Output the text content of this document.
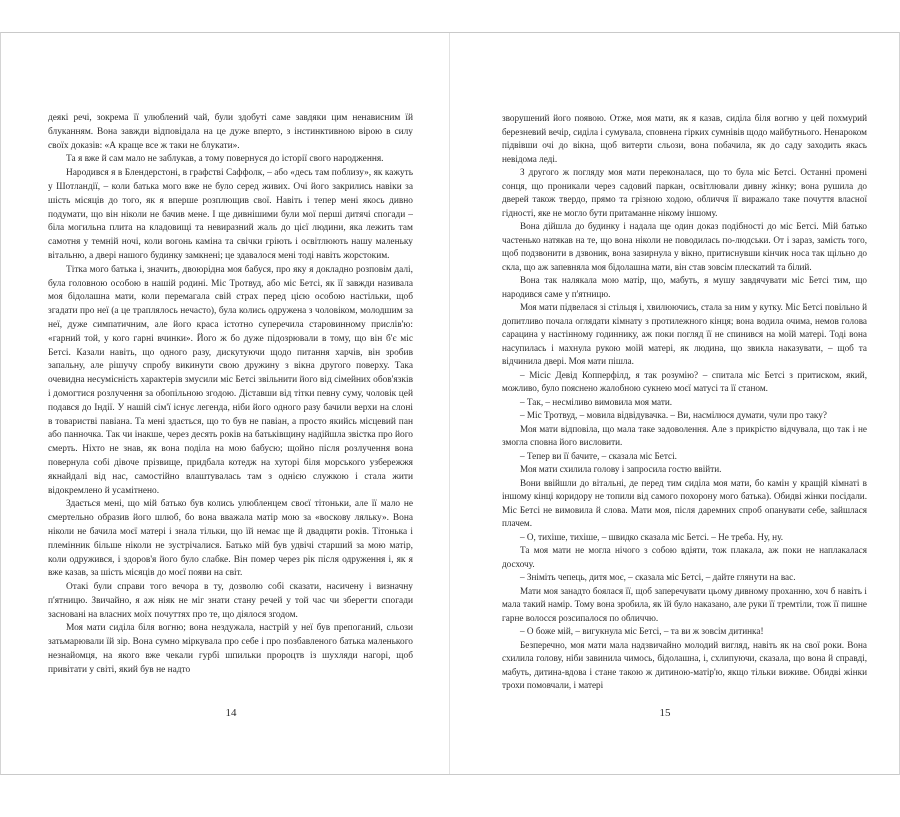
деякі речі, зокрема її улюблений чай, були здобуті саме завдяки цим ненависним їй блуканням. Вона завжди відповідала на це дуже вперто, з інстинктивною вірою в силу своїх доказів: «А краще все ж таки не блукати».

Та я вже й сам мало не заблукав, а тому повернуся до історії свого народження.

Народився я в Блендерстоні, в графстві Саффолк, – або «десь там поблизу», як кажуть у Шотландії, – коли батька мого вже не було серед живих. Очі його закрились навіки за шість місяців до того, як я вперше розплющив свої. Навіть і тепер мені якось дивно подумати, що він ніколи не бачив мене. І ще дивнішими були мої перші дитячі спогади – біла могильна плита на кладовищі та невиразний жаль до цієї людини, яка лежить там самотня у темній ночі, коли вогонь каміна та свічки гріють і освітлюють нашу маленьку вітальню, а двері нашого будинку замкнені; це здавалося мені тоді навіть жорстоким.

Тітка мого батька і, значить, двоюрідна моя бабуся, про яку я докладно розповім далі, була головною особою в нашій родині. Міс Тротвуд, або міс Бетсі, як її завжди називала моя бідолашна мати, коли перемагала свій страх перед цією особою настільки, щоб згадати про неї (а це траплялось нечасто), була колись одружена з чоловіком, молодшим за неї, дуже симпатичним, але його краса істотно суперечила старовинному прислів'ю: «гарний той, у кого гарні вчинки». Його ж бо дуже підозрювали в тому, що він б'є міс Бетсі. Казали навіть, що одного разу, дискутуючи щодо питання харчів, він зробив запальну, але рішучу спробу викинути свою дружину з вікна другого поверху. Така очевидна несумісність характерів змусили міс Бетсі звільнити його від сімейних обов'язків і домогтися розлучення за обопільною згодою. Діставши від тітки певну суму, чоловік цей подався до Індії. У нашій сім'ї існує легенда, ніби його одного разу бачили верхи на слоні в товаристві павіана. Та мені здається, що то був не павіан, а просто якийсь місцевий пан або панночка. Так чи інакше, через десять років на батьківщину надійшла звістка про його смерть. Ніхто не знав, як вона поділа на мою бабусю; щойно після розлучення вона повернула собі дівоче прізвище, придбала котедж на хуторі біля морського узбережжя якнайдалі від нас, самостійно влаштувалась там з однією служкою і стала жити відокремлено й усамітнено.

Здається мені, що мій батько був колись улюбленцем своєї тітоньки, але її мало не смертельно образив його шлюб, бо вона вважала матір мою за «воскову ляльку». Вона ніколи не бачила моєї матері і знала тільки, що їй немає ще й двадцяти років. Тітонька і племінник більше ніколи не зустрічалися. Батько мій був удвічі старший за мою матір, коли одружився, і здоров'я його було слабке. Він помер через рік після одруження і, як я вже казав, за шість місяців до моєї появи на світ.

Отакі були справи того вечора в ту, дозволю собі сказати, насичену і визначну п'ятницю. Звичайно, я аж ніяк не міг знати стану речей у той час чи зберегти спогади засновані на власних моїх почуттях про те, що діялося згодом.

Моя мати сиділа біля вогню; вона нездужала, настрій у неї був препоганий, сльози затьмарювали їй зір. Вона сумно міркувала про себе і про позбавленого батька маленького незнайомця, на якого вже чекали гурбі шпильки пророцтв із шухляди нагорі, щоб привітати у світі, який був не надто

зворушений його появою. Отже, моя мати, як я казав, сиділа біля вогню у цей похмурий березневий вечір, сиділа і сумувала, сповнена гірких сумнівів щодо майбутнього. Ненароком підвівши очі до вікна, щоб витерти сльози, вона побачила, як до саду заходить якась невідома леді.

З другого ж погляду моя мати переконалася, що то була міс Бетсі. Останні промені сонця, що проникали через садовий паркан, освітлювали дивну жінку; вона рушила до дверей також твердо, прямо та грізною ходою, обличчя її виражало таке почуття власної гідності, яке не могло бути притаманне нікому іншому.

Вона дійшла до будинку і надала ще один доказ подібності до міс Бетсі. Мій батько частенько натякав на те, що вона ніколи не поводилась по-людськи. От і зараз, замість того, щоб подзвонити в дзвоник, вона зазирнула у вікно, притиснувши кінчик носа так щільно до скла, що аж запевняла моя бідолашна мати, він став зовсім плескатий та білий.

Вона так налякала мою матір, що, мабуть, я мушу завдячувати міс Бетсі тим, що народився саме у п'ятницю.

Моя мати підвелася зі стільця і, хвилюючись, стала за ним у кутку. Міс Бетсі повільно й допитливо почала оглядати кімнату з протилежного кінця; вона водила очима, немов голова сарацина у настінному годиннику, аж поки погляд її не спинився на моїй матері. Тоді вона насупилась і махнула рукою моїй матері, як людина, що звикла наказувати, – щоб та відчинила двері. Моя мати пішла.

– Місіс Девід Копперфілд, я так розумію? – спитала міс Бетсі з притиском, який, можливо, було пояснено жалобною сукнею моєї матусі та її станом.

– Так, – несміливо вимовила моя мати.

– Міс Тротвуд, – мовила відвідувачка. – Ви, насмілюся думати, чули про таку?

Моя мати відповіла, що мала таке задоволення. Але з прикрістю відчувала, що так і не змогла сповна його висловити.

– Тепер ви її бачите, – сказала міс Бетсі.

Моя мати схилила голову і запросила гостю ввійти.

Вони ввійшли до вітальні, де перед тим сиділа моя мати, бо камін у кращій кімнаті в іншому кінці коридору не топили від самого похорону мого батька). Обидві жінки посідали. Міс Бетсі не вимовила й слова. Мати моя, після даремних спроб опанувати себе, зайшлася плачем.

– О, тихіше, тихіше, – швидко сказала міс Бетсі. – Не треба. Ну, ну.

Та моя мати не могла нічого з собою вдіяти, тож плакала, аж поки не наплакалася досхочу.

– Зніміть чепець, дитя моє, – сказала міс Бетсі, – дайте глянути на вас.

Мати моя занадто боялася її, щоб заперечувати цьому дивному проханню, хоч б навіть і мала такий намір. Тому вона зробила, як їй було наказано, але руки її тремтіли, тож її пишне гарне волосся розсипалося по обличчю.

– О боже мій, – вигукнула міс Бетсі, – та ви ж зовсім дитинка!

Безперечно, моя мати мала надзвичайно молодий вигляд, навіть як на свої роки. Вона схилила голову, ніби завинила чимось, бідолашна, і, схлипуючи, сказала, що вона й справді, мабуть, дитина-вдова і стане такою ж дитиною-матір'ю, якщо тільки виживе. Обидві жінки трохи помовчали, і матері

14	15
